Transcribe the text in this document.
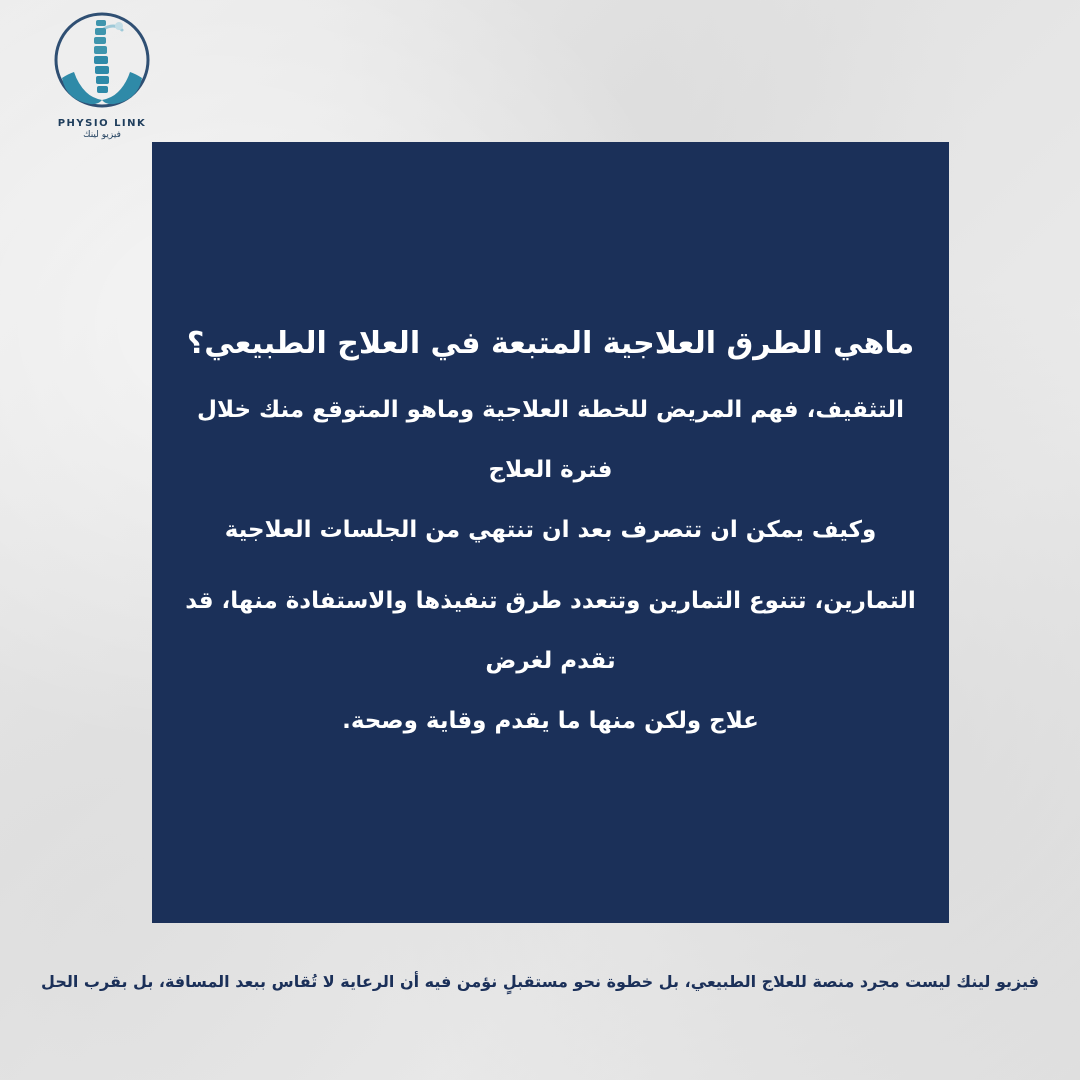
PHYSIO LINK
فيزيو لينك
ماهي الطرق العلاجية المتبعة في العلاج الطبيعي؟
التثقيف، فهم المريض للخطة العلاجية وماهو المتوقع منك خلال فترة العلاج
وكيف يمكن ان تتصرف بعد ان تنتهي من الجلسات العلاجية
التمارين، تتنوع التمارين وتتعدد طرق تنفيذها والاستفادة منها، قد تقدم لغرض
علاج ولكن منها ما يقدم وقاية وصحة.
فيزيو لينك ليست مجرد منصة للعلاج الطبيعي، بل خطوة نحو مستقبلٍ نؤمن فيه أن الرعاية لا تُقاس ببعد المسافة، بل بقرب الحل
